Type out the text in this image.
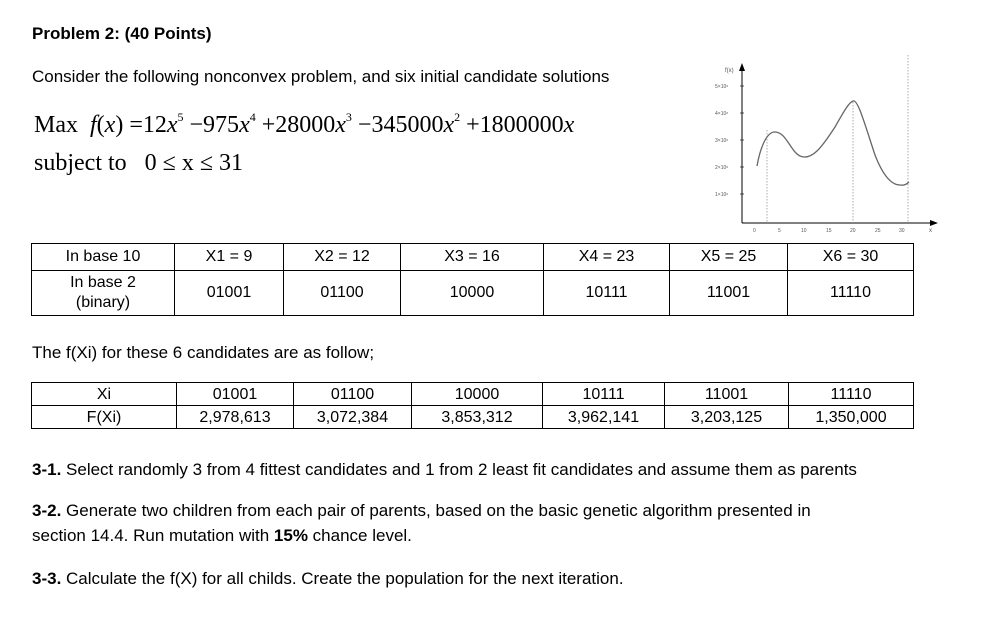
Problem 2: (40 Points)
Consider the following nonconvex problem, and six initial candidate solutions
Max $f(x) =12x^5 -975x^4 +28000x^3 -345000x^2 +1800000x$
subject to 0 ≤ x ≤ 31
f(x)
5×10⁶
4×10⁶
3×10⁶
2×10⁶
1×10⁶
0	5	10	15	20	25	30	x
In base 10	X1 = 9	X2 = 12	X3 = 16	X4 = 23	X5 = 25	X6 = 30

In base 2
(binary)	01001	01100	10000	10111	11001	11110
The f(Xi) for these 6 candidates are as follow;
Xi	01001	01100	10000	10111	11001	11110
F(Xi)	2,978,613	3,072,384	3,853,312	3,962,141	3,203,125	1,350,000
3-1. Select randomly 3 from 4 fittest candidates and 1 from 2 least fit candidates and assume them as parents
3-2. Generate two children from each pair of parents, based on the basic genetic algorithm presented in
section 14.4. Run mutation with 15% chance level.
3-3. Calculate the f(X) for all childs. Create the population for the next iteration.
